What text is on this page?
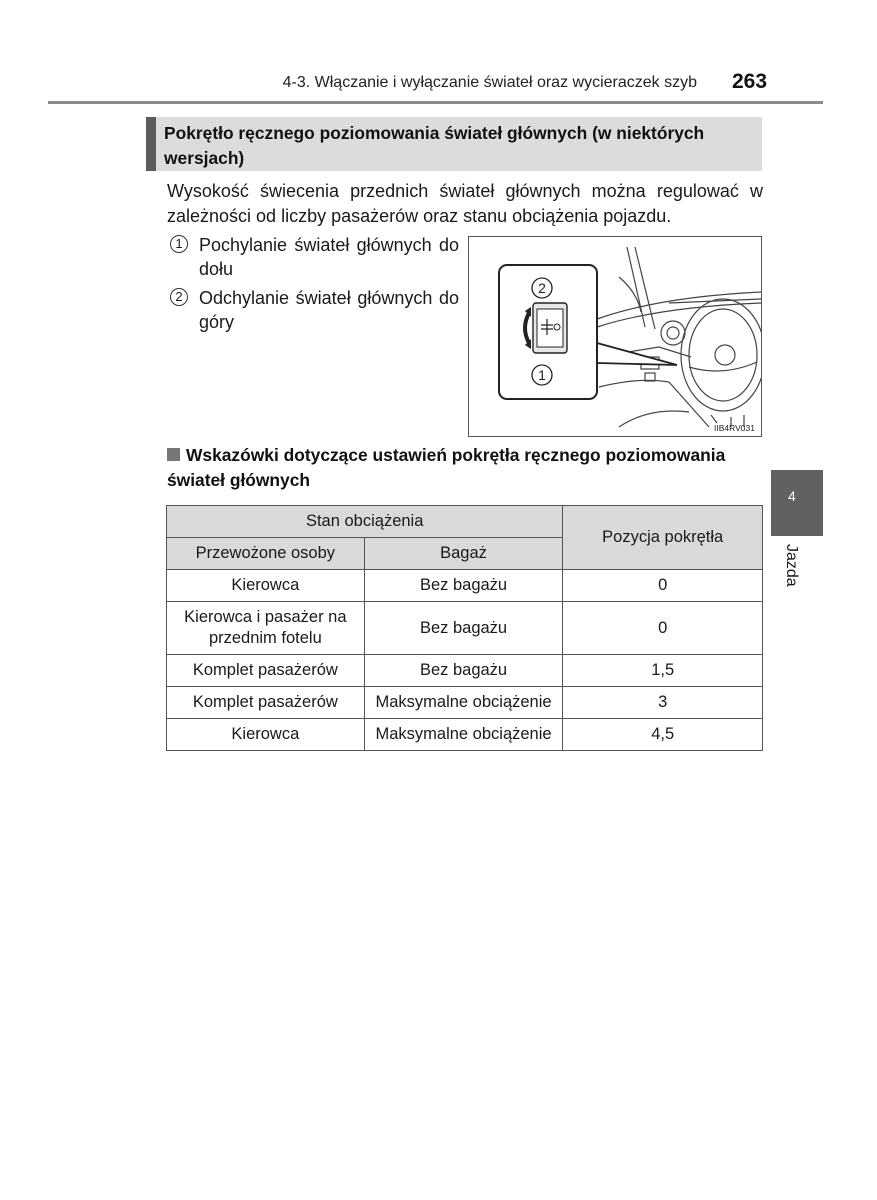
4-3. Włączanie i wyłączanie świateł oraz wycieraczek szyb 263
Pokrętło ręcznego poziomowania świateł głównych (w niektórych wersjach)
Wysokość świecenia przednich świateł głównych można regulować w zależności od liczby pasażerów oraz stanu obciążenia pojazdu.
1 Pochylanie świateł głównych do dołu
2 Odchylanie świateł głównych do góry
2
1
IIB4RV031
Wskazówki dotyczące ustawień pokrętła ręcznego poziomowania świateł głównych
Stan obciążenia		Pozycja pokrętła
Przewożone osoby	Bagaż	
Kierowca	Bez bagażu	0
Kierowca i pasażer na przednim fotelu	Bez bagażu	0
Komplet pasażerów	Bez bagażu	1,5
Komplet pasażerów	Maksymalne obciążenie	3
Kierowca	Maksymalne obciążenie	4,5
4
Jazda
